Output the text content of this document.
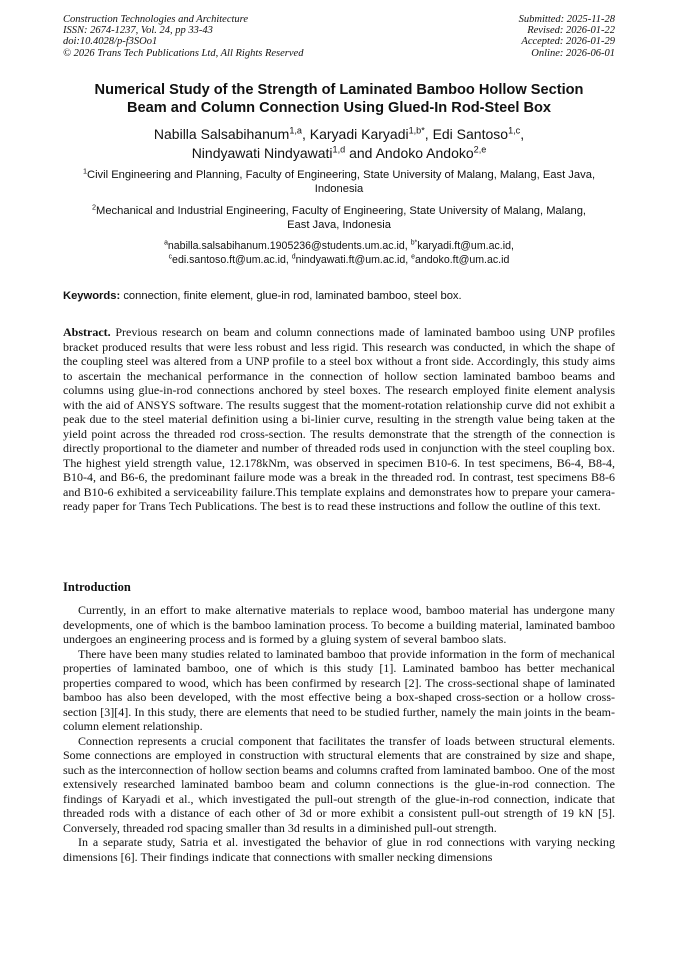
Construction Technologies and Architecture
ISSN: 2674-1237, Vol. 24, pp 33-43
doi:10.4028/p-f3SOo1
© 2026 Trans Tech Publications Ltd, All Rights Reserved
Submitted: 2025-11-28
Revised: 2026-01-22
Accepted: 2026-01-29
Online: 2026-06-01
Numerical Study of the Strength of Laminated Bamboo Hollow Section
Beam and Column Connection Using Glued-In Rod-Steel Box
Nabilla Salsabihanum$^{1,a}$, Karyadi Karyadi$^{1,b*}$, Edi Santoso$^{1,c}$,
Nindyawati Nindyawati$^{1,d}$ and Andoko Andoko$^{2,e}$
$^1$Civil Engineering and Planning, Faculty of Engineering, State University of Malang, Malang, East Java, Indonesia
$^2$Mechanical and Industrial Engineering, Faculty of Engineering, State University of Malang, Malang, East Java, Indonesia
$^a$nabilla.salsabihanum.1905236@students.um.ac.id, $^{b*}$karyadi.ft@um.ac.id,
$^c$edi.santoso.ft@um.ac.id, $^d$nindyawati.ft@um.ac.id, $^e$andoko.ft@um.ac.id
Keywords: connection, finite element, glue-in rod, laminated bamboo, steel box.
Abstract. Previous research on beam and column connections made of laminated bamboo using UNP profiles bracket produced results that were less robust and less rigid. This research was conducted, in which the shape of the coupling steel was altered from a UNP profile to a steel box without a front side. Accordingly, this study aims to ascertain the mechanical performance in the connection of hollow section laminated bamboo beams and columns using glue-in-rod connections anchored by steel boxes. The research employed finite element analysis with the aid of ANSYS software. The results suggest that the moment-rotation relationship curve did not exhibit a peak due to the steel material definition using a bi-linier curve, resulting in the strength value being taken at the yield point across the threaded rod cross-section. The results demonstrate that the strength of the connection is directly proportional to the diameter and number of threaded rods used in conjunction with the steel coupling box. The highest yield strength value, 12.178kNm, was observed in specimen B10-6. In test specimens, B6-4, B8-4, B10-4, and B6-6, the predominant failure mode was a break in the threaded rod. In contrast, test specimens B8-6 and B10-6 exhibited a serviceability failure.This template explains and demonstrates how to prepare your camera-ready paper for Trans Tech Publications. The best is to read these instructions and follow the outline of this text.
Introduction

Currently, in an effort to make alternative materials to replace wood, bamboo material has undergone many developments, one of which is the bamboo lamination process. To become a building material, laminated bamboo undergoes an engineering process and is formed by a gluing system of several bamboo slats.

There have been many studies related to laminated bamboo that provide information in the form of mechanical properties of laminated bamboo, one of which is this study [1]. Laminated bamboo has better mechanical properties compared to wood, which has been confirmed by research [2]. The cross-sectional shape of laminated bamboo has also been developed, with the most effective being a box-shaped cross-section or a hollow cross-section [3][4]. In this study, there are elements that need to be studied further, namely the main joints in the beam-column element relationship.

Connection represents a crucial component that facilitates the transfer of loads between structural elements. Some connections are employed in construction with structural elements that are constrained by size and shape, such as the interconnection of hollow section beams and columns crafted from laminated bamboo. One of the most extensively researched laminated bamboo beam and column connections is the glue-in-rod connection. The findings of Karyadi et al., which investigated the pull-out strength of the glue-in-rod connection, indicate that threaded rods with a distance of each other of 3d or more exhibit a consistent pull-out strength of 19 kN [5]. Conversely, threaded rod spacing smaller than 3d results in a diminished pull-out strength.

In a separate study, Satria et al. investigated the behavior of glue in rod connections with varying necking dimensions [6]. Their findings indicate that connections with smaller necking dimensions
